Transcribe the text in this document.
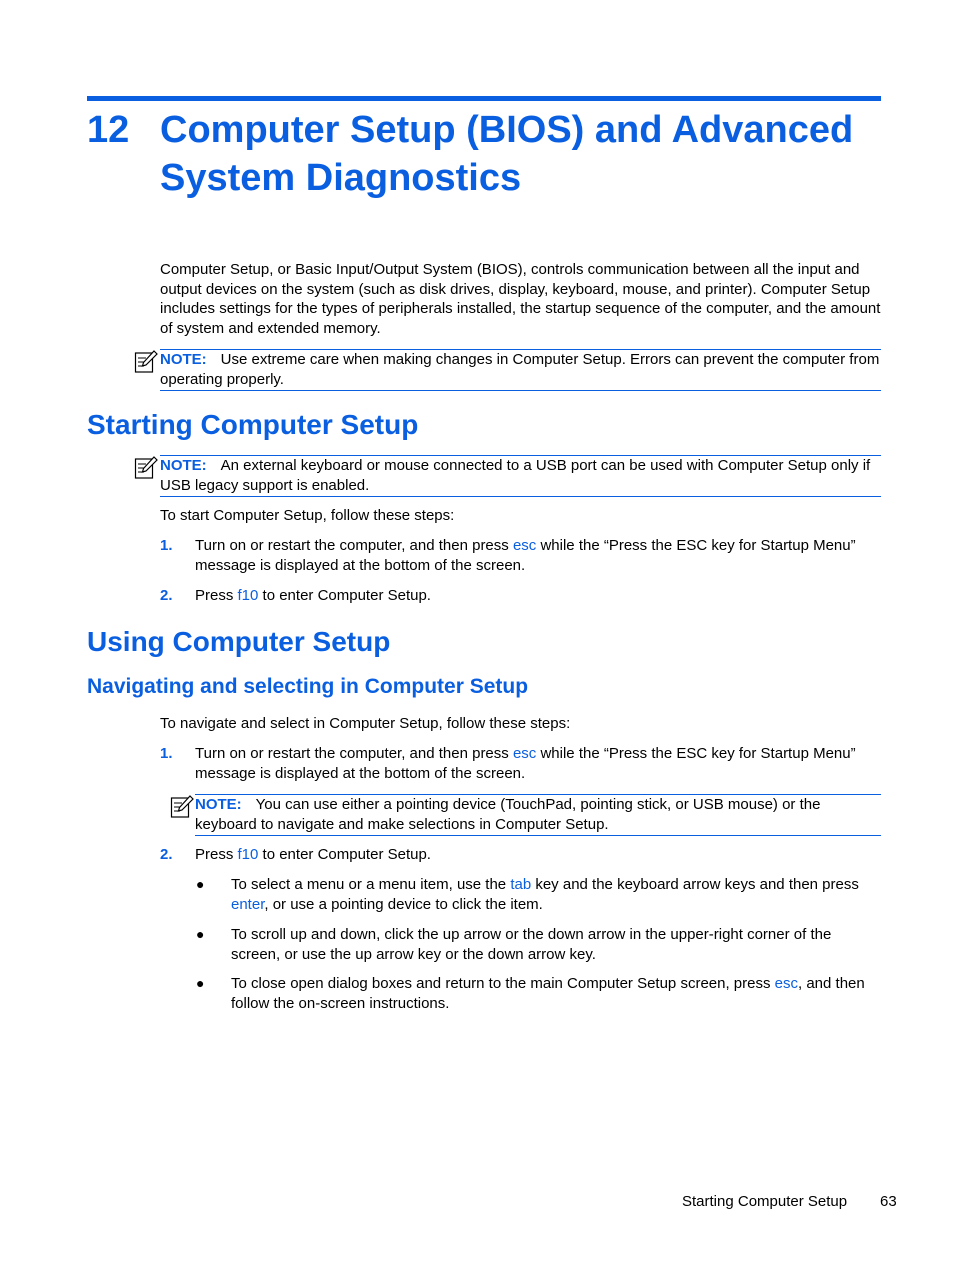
12 Computer Setup (BIOS) and Advanced System Diagnostics
Computer Setup, or Basic Input/Output System (BIOS), controls communication between all the input and output devices on the system (such as disk drives, display, keyboard, mouse, and printer). Computer Setup includes settings for the types of peripherals installed, the startup sequence of the computer, and the amount of system and extended memory.
NOTE: Use extreme care when making changes in Computer Setup. Errors can prevent the computer from operating properly.
Starting Computer Setup
NOTE: An external keyboard or mouse connected to a USB port can be used with Computer Setup only if USB legacy support is enabled.
To start Computer Setup, follow these steps:
1. Turn on or restart the computer, and then press esc while the “Press the ESC key for Startup Menu” message is displayed at the bottom of the screen.
2. Press f10 to enter Computer Setup.
Using Computer Setup
Navigating and selecting in Computer Setup
To navigate and select in Computer Setup, follow these steps:
1. Turn on or restart the computer, and then press esc while the “Press the ESC key for Startup Menu” message is displayed at the bottom of the screen.
NOTE: You can use either a pointing device (TouchPad, pointing stick, or USB mouse) or the keyboard to navigate and make selections in Computer Setup.
2. Press f10 to enter Computer Setup.
● To select a menu or a menu item, use the tab key and the keyboard arrow keys and then press enter, or use a pointing device to click the item.
● To scroll up and down, click the up arrow or the down arrow in the upper-right corner of the screen, or use the up arrow key or the down arrow key.
● To close open dialog boxes and return to the main Computer Setup screen, press esc, and then follow the on-screen instructions.
Starting Computer Setup 63
